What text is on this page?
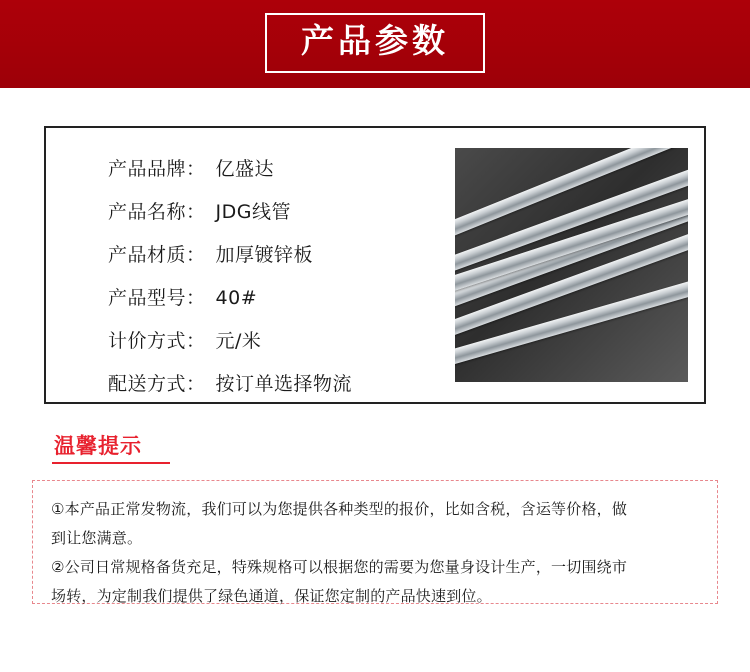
产品参数
产品品牌： 亿盛达
产品名称： JDG线管
产品材质： 加厚镀锌板
产品型号： 40#
计价方式： 元/米
配送方式： 按订单选择物流
温馨提示
①本产品正常发物流，我们可以为您提供各种类型的报价，比如含税，含运等价格，做
到让您满意。
②公司日常规格备货充足，特殊规格可以根据您的需要为您量身设计生产，一切围绕市
场转，为定制我们提供了绿色通道，保证您定制的产品快速到位。
